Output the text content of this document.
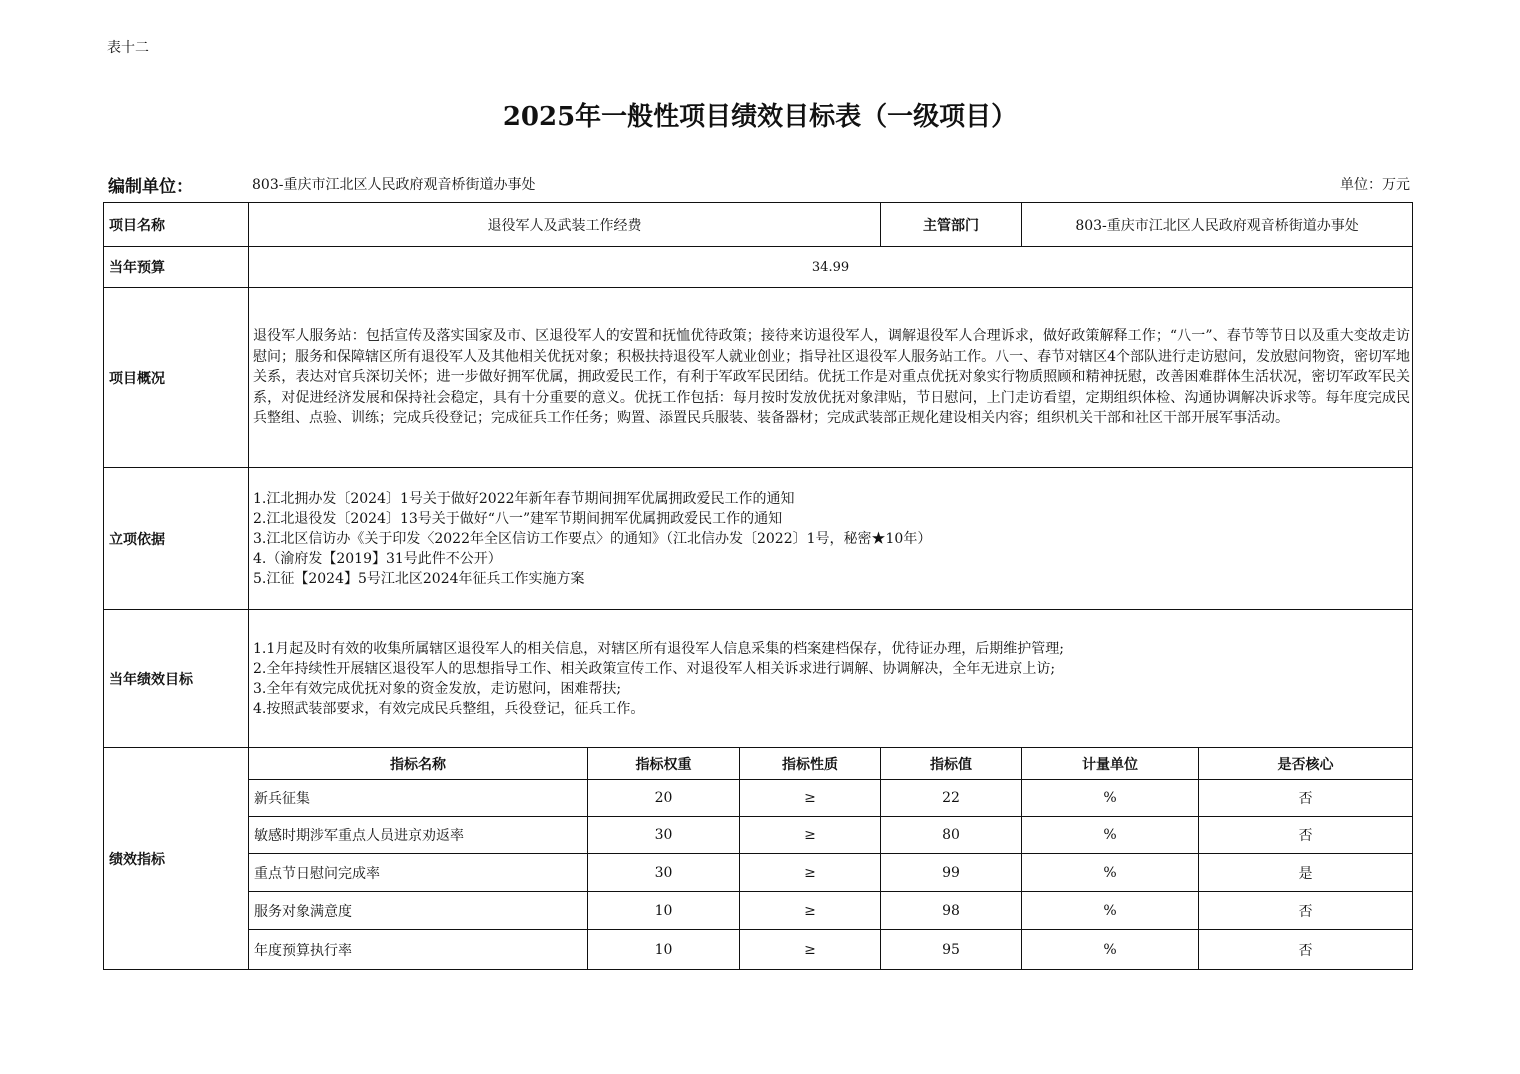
表十二
2025年一般性项目绩效目标表（一级项目）
编制单位：	803-重庆市江北区人民政府观音桥街道办事处	单位：万元
项目名称	退役军人及武装工作经费			主管部门	803-重庆市江北区人民政府观音桥街道办事处	
当年预算	34.99					
项目概况	退役军人服务站：包括宣传及落实国家及市、区退役军人的安置和抚恤优待政策；接待来访退役军人，调解退役军人合理诉求，做好政策解释工作；“八一”、春节等节日以及重大变故走访慰问；服务和保障辖区所有退役军人及其他相关优抚对象；积极扶持退役军人就业创业；指导社区退役军人服务站工作。八一、春节对辖区4个部队进行走访慰问，发放慰问物资，密切军地关系，表达对官兵深切关怀；进一步做好拥军优属，拥政爱民工作，有利于军政军民团结。优抚工作是对重点优抚对象实行物质照顾和精神抚慰，改善困难群体生活状况，密切军政军民关系，对促进经济发展和保持社会稳定，具有十分重要的意义。优抚工作包括：每月按时发放优抚对象津贴，节日慰问，上门走访看望，定期组织体检、沟通协调解决诉求等。每年度完成民兵整组、点验、训练；完成兵役登记；完成征兵工作任务；购置、添置民兵服装、装备器材；完成武装部正规化建设相关内容；组织机关干部和社区干部开展军事活动。					
立项依据	1.江北拥办发〔2024〕1号关于做好2022年新年春节期间拥军优属拥政爱民工作的通知
2.江北退役发〔2024〕13号关于做好“八一”建军节期间拥军优属拥政爱民工作的通知
3.江北区信访办《关于印发〈2022年全区信访工作要点〉的通知》（江北信办发〔2022〕1号，秘密★10年）
4.（渝府发【2019】31号此件不公开）
5.江征【2024】5号江北区2024年征兵工作实施方案					

当年绩效目标	1.1月起及时有效的收集所属辖区退役军人的相关信息，对辖区所有退役军人信息采集的档案建档保存，优待证办理，后期维护管理;
2.全年持续性开展辖区退役军人的思想指导工作、相关政策宣传工作、对退役军人相关诉求进行调解、协调解决，全年无进京上访;
3.全年有效完成优抚对象的资金发放，走访慰问，困难帮扶;
4.按照武装部要求，有效完成民兵整组，兵役登记，征兵工作。					

绩效指标	指标名称	指标权重	指标性质	指标值	计量单位	是否核心
	新兵征集	20	≥	22	%	否
	敏感时期涉军重点人员进京劝返率	30	≥	80	%	否
	重点节日慰问完成率	30	≥	99	%	是
	服务对象满意度	10	≥	98	%	否
	年度预算执行率	10	≥	95	%	否
